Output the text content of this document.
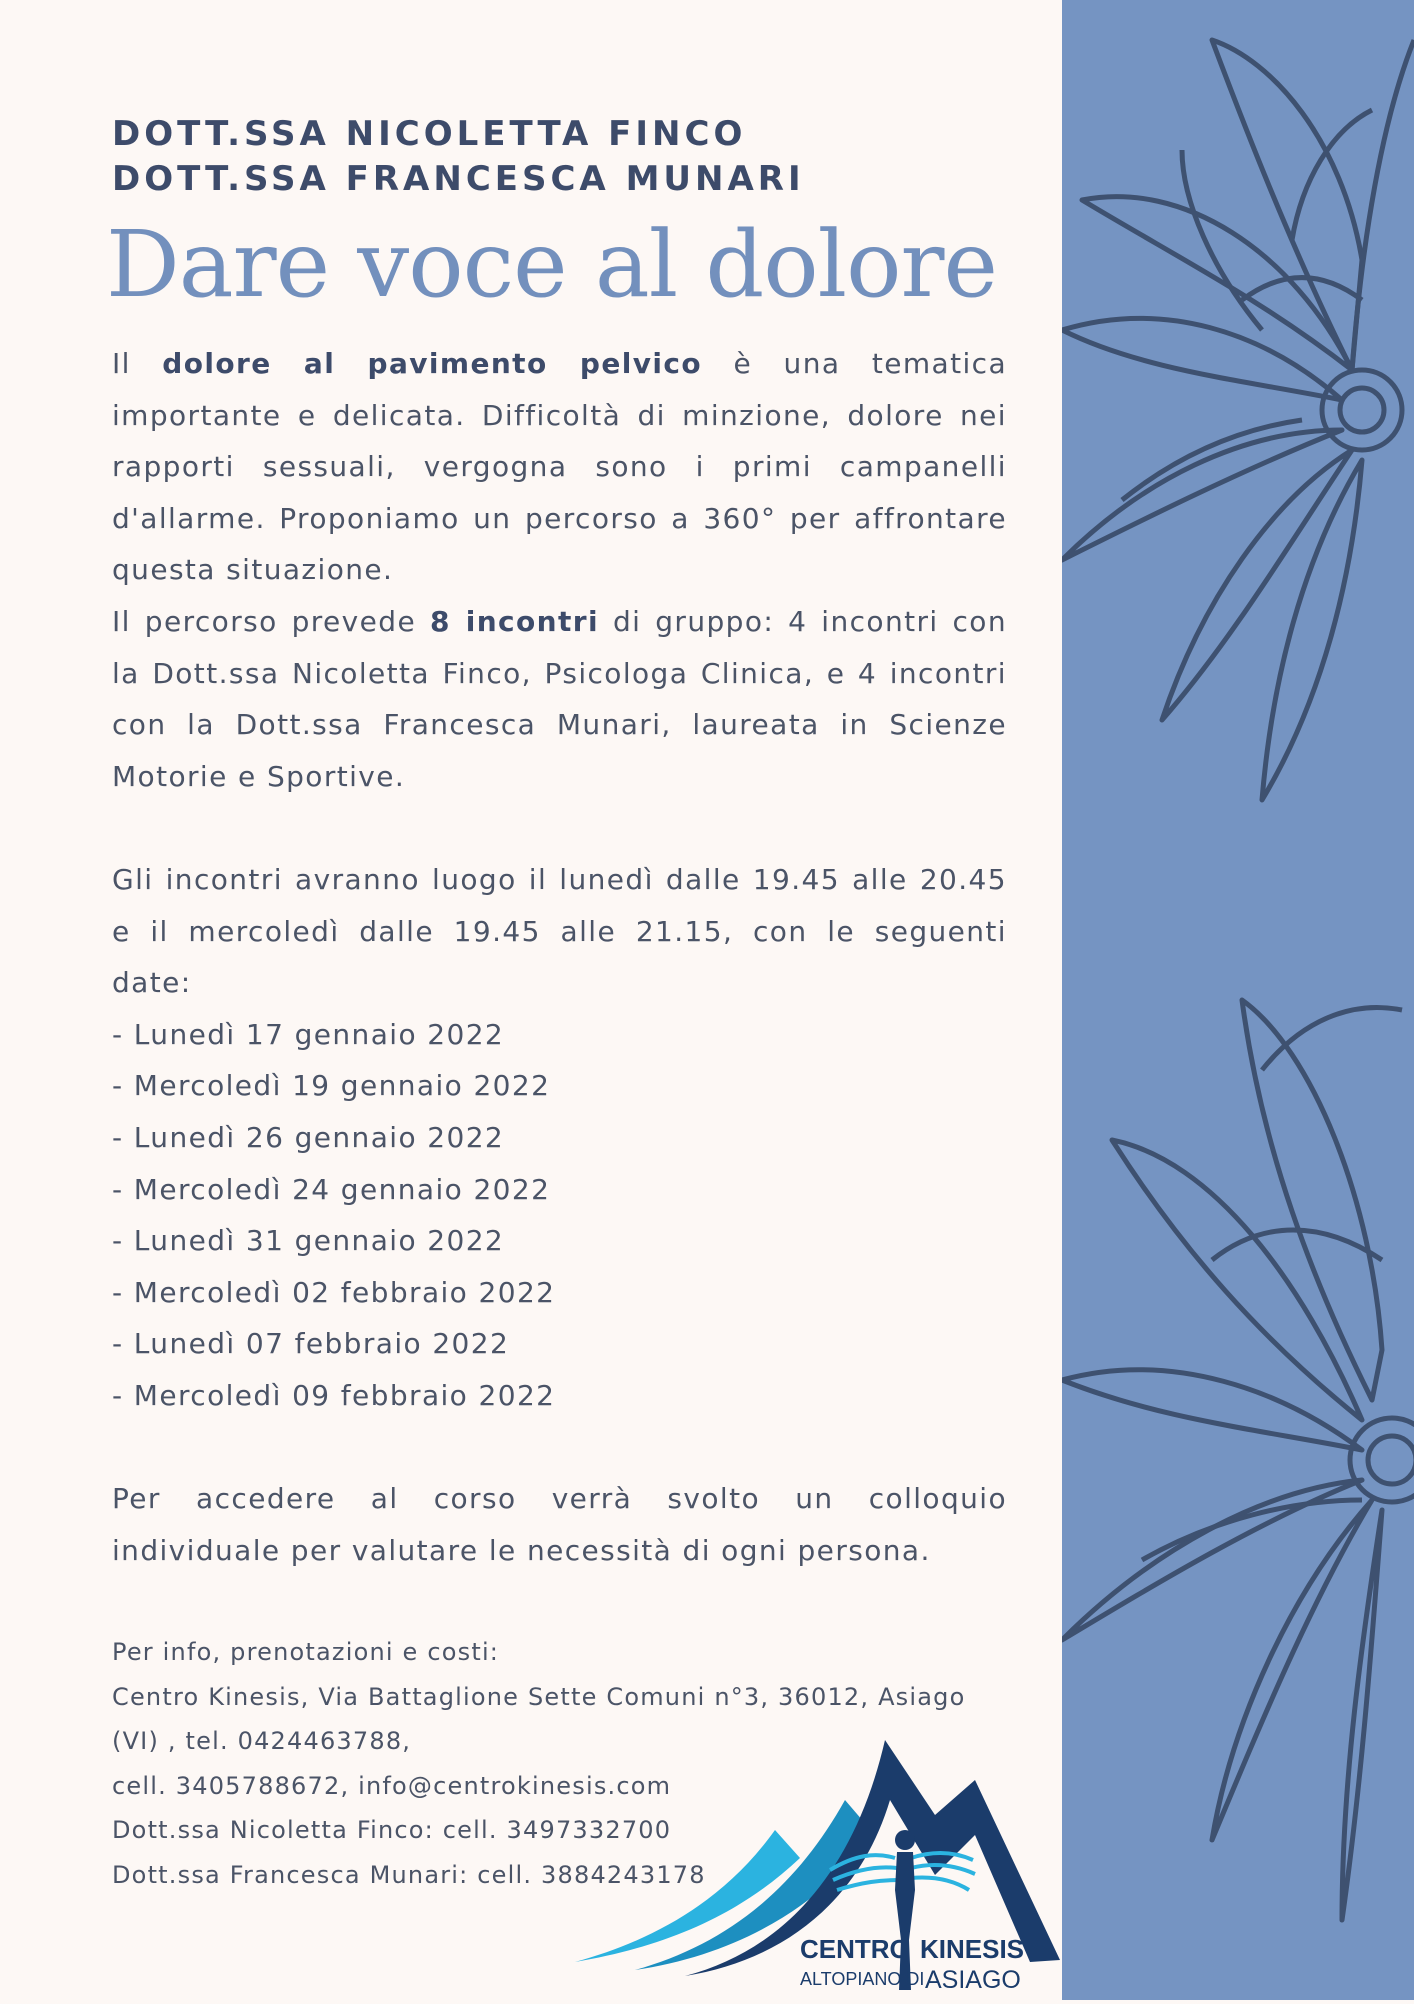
DOTT.SSA NICOLETTA FINCO

DOTT.SSA FRANCESCA MUNARI

Dare voce al dolore

Il dolore al pavimento pelvico è una tematica importante e delicata. Difficoltà di minzione, dolore nei rapporti sessuali, vergogna sono i primi campanelli d'allarme. Proponiamo un percorso a 360° per affrontare questa situazione.

Il percorso prevede 8 incontri di gruppo: 4 incontri con la Dott.ssa Nicoletta Finco, Psicologa Clinica, e 4 incontri con la Dott.ssa Francesca Munari, laureata in Scienze Motorie e Sportive.

Gli incontri avranno luogo il lunedì dalle 19.45 alle 20.45 e il mercoledì dalle 19.45 alle 21.15, con le seguenti date:

- Lunedì 17 gennaio 2022

- Mercoledì 19 gennaio 2022

- Lunedì 26 gennaio 2022

- Mercoledì 24 gennaio 2022

- Lunedì 31 gennaio 2022

- Mercoledì 02 febbraio 2022

- Lunedì 07 febbraio 2022

- Mercoledì 09 febbraio 2022

Per accedere al corso verrà svolto un colloquio individuale per valutare le necessità di ogni persona.

Per info, prenotazioni e costi:

Centro Kinesis, Via Battaglione Sette Comuni n°3, 36012, Asiago

(VI) , tel. 0424463788,

cell. 3405788672, info@centrokinesis.com

Dott.ssa Nicoletta Finco: cell. 3497332700

Dott.ssa Francesca Munari: cell. 3884243178

CENTRO KINESIS
ALTOPIANO DI ASIAGO
